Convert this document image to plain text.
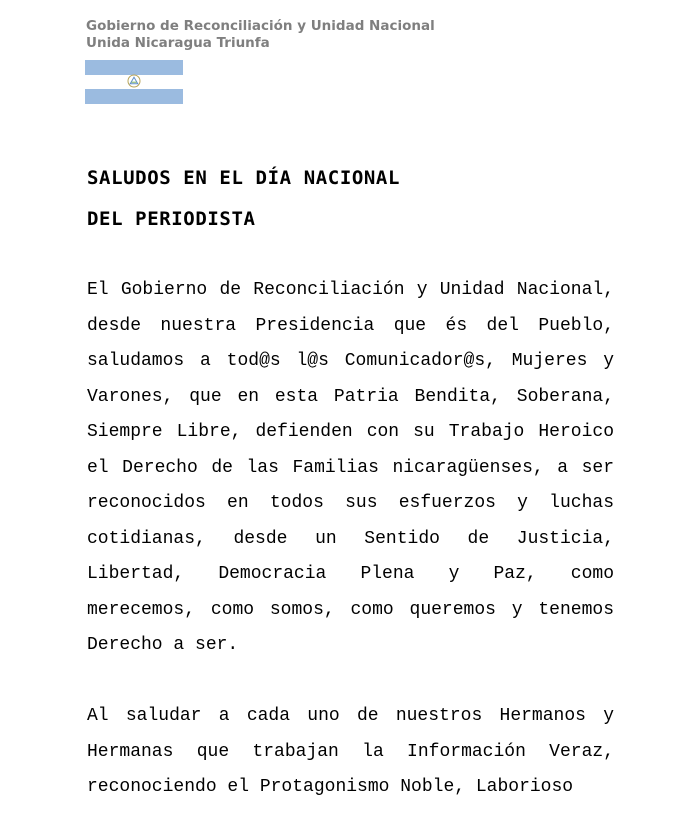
Gobierno de Reconciliación y Unidad Nacional
Unida Nicaragua Triunfa
SALUDOS EN EL DÍA NACIONAL
DEL PERIODISTA

El Gobierno de Reconciliación y Unidad Nacional, desde nuestra Presidencia que és del Pueblo, saludamos a tod@s l@s Comunicador@s, Mujeres y Varones, que en esta Patria Bendita, Soberana, Siempre Libre, defienden con su Trabajo Heroico el Derecho de las Familias nicaragüenses, a ser reconocidos en todos sus esfuerzos y luchas cotidianas, desde un Sentido de Justicia, Libertad, Democracia Plena y Paz, como merecemos, como somos, como queremos y tenemos Derecho a ser.

Al saludar a cada uno de nuestros Hermanos y Hermanas que trabajan la Información Veraz, reconociendo el Protagonismo Noble, Laborioso
